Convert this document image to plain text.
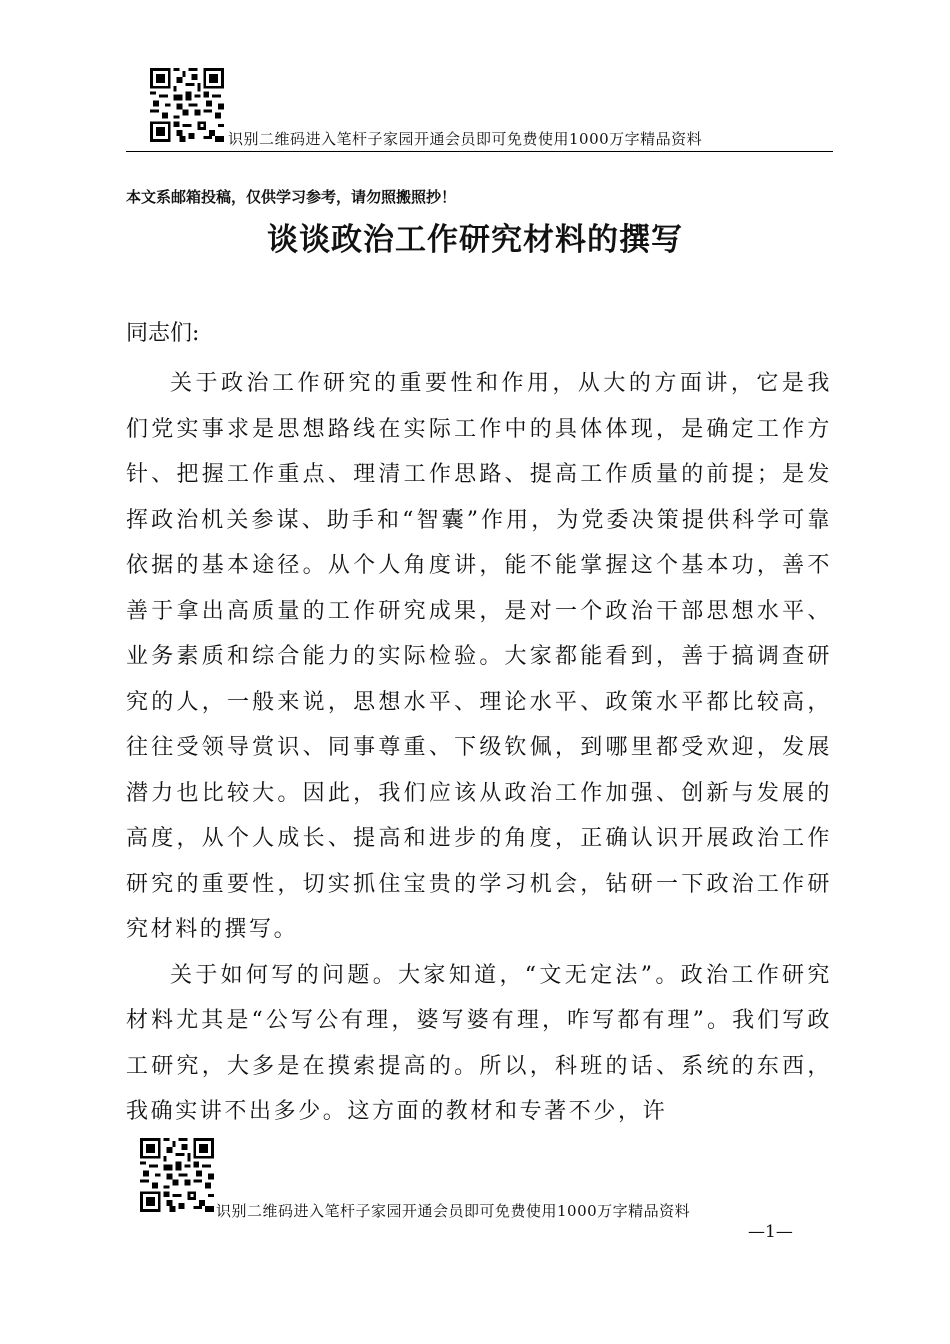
识别二维码进入笔杆子家园开通会员即可免费使用1000万字精品资料
本文系邮箱投稿，仅供学习参考，请勿照搬照抄！
谈谈政治工作研究材料的撰写
同志们:

关于政治工作研究的重要性和作用，从大的方面讲，它是我们党实事求是思想路线在实际工作中的具体体现，是确定工作方针、把握工作重点、理清工作思路、提高工作质量的前提；是发挥政治机关参谋、助手和“智囊”作用，为党委决策提供科学可靠依据的基本途径。从个人角度讲，能不能掌握这个基本功，善不善于拿出高质量的工作研究成果，是对一个政治干部思想水平、业务素质和综合能力的实际检验。大家都能看到，善于搞调查研究的人，一般来说，思想水平、理论水平、政策水平都比较高，往往受领导赏识、同事尊重、下级钦佩，到哪里都受欢迎，发展潜力也比较大。因此，我们应该从政治工作加强、创新与发展的高度，从个人成长、提高和进步的角度，正确认识开展政治工作研究的重要性，切实抓住宝贵的学习机会，钻研一下政治工作研究材料的撰写。

关于如何写的问题。大家知道，“文无定法”。政治工作研究材料尤其是“公写公有理，婆写婆有理，咋写都有理”。我们写政工研究，大多是在摸索提高的。所以，科班的话、系统的东西，我确实讲不出多少。这方面的教材和专著不少，许

识别二维码进入笔杆子家园开通会员即可免费使用1000万字精品资料
—1—
